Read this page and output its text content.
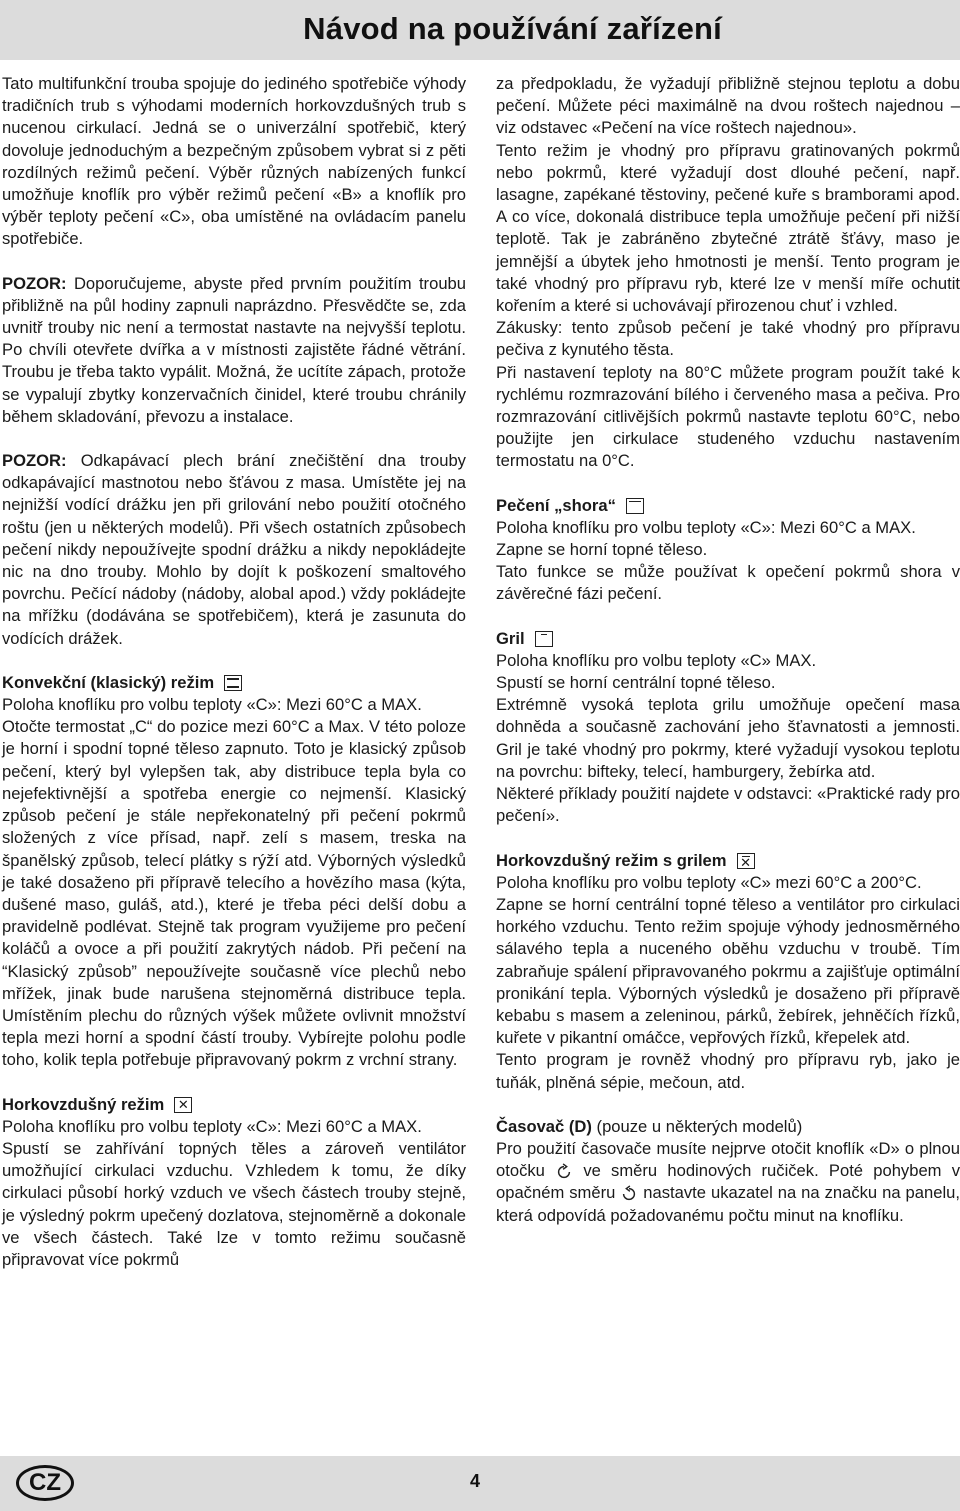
Návod na používání zařízení

Tato multifunkční trouba spojuje do jediného spotřebiče výhody tradičních trub s výhodami moderních horkovzdušných trub s nucenou cirkulací. Jedná se o univerzální spotřebič, který dovoluje jednoduchým a bezpečným způsobem vybrat si z pěti rozdílných režimů pečení. Výběr různých nabízených funkcí umožňuje knoflík pro výběr režimů pečení «B» a knoflík pro výběr teploty pečení «C», oba umístěné na ovládacím panelu spotřebiče.

POZOR: Doporučujeme, abyste před prvním použitím troubu přibližně na půl hodiny zapnuli naprázdno. Přesvědčte se, zda uvnitř trouby nic není a termostat nastavte na nejvyšší teplotu. Po chvíli otevřete dvířka a v místnosti zajistěte řádné větrání. Troubu je třeba takto vypálit. Možná, že ucítíte zápach, protože se vypalují zbytky konzervačních činidel, které troubu chránily během skladování, převozu a instalace.

POZOR: Odkapávací plech brání znečištění dna trouby odkapávající mastnotou nebo šťávou z masa. Umístěte jej na nejnižší vodící drážku jen při grilování nebo použití otočného roštu (jen u některých modelů). Při všech ostatních způsobech pečení nikdy nepoužívejte spodní drážku a nikdy nepokládejte nic na dno trouby. Mohlo by dojít k poškození smaltového povrchu. Pečící nádoby (nádoby, alobal apod.) vždy pokládejte na mřížku (dodávána se spotřebičem), která je zasunuta do vodících drážek.

Konvekční (klasický) režim

Poloha knoflíku pro volbu teploty «C»: Mezi 60°C a MAX.

Otočte termostat „C“ do pozice mezi 60°C a Max. V této poloze je horní i spodní topné těleso zapnuto. Toto je klasický způsob pečení, který byl vylepšen tak, aby distribuce tepla byla co nejefektivnější a spotřeba energie co nejmenší. Klasický způsob pečení je stále nepřekonatelný při pečení pokrmů složených z více přísad, např. zelí s masem, treska na španělský způsob, telecí plátky s rýží atd. Výborných výsledků je také dosaženo při přípravě telecího a hovězího masa (kýta, dušené maso, guláš, atd.), které je třeba péci delší dobu a pravidelně podlévat. Stejně tak program využijeme pro pečení koláčů a ovoce a při použití zakrytých nádob. Při pečení na “Klasický způsob” nepoužívejte současně více plechů nebo mřížek, jinak bude narušena stejnoměrná distribuce tepla. Umístěním plechu do různých výšek můžete ovlivnit množství tepla mezi horní a spodní částí trouby. Vybírejte polohu podle toho, kolik tepla potřebuje připravovaný pokrm z vrchní strany.

Horkovzdušný režim ✕

Poloha knoflíku pro volbu teploty «C»: Mezi 60°C a MAX.

Spustí se zahřívání topných těles a zároveň ventilátor umožňující cirkulaci vzduchu. Vzhledem k tomu, že díky cirkulaci působí horký vzduch ve všech částech trouby stejně, je výsledný pokrm upečený dozlatova, stejnoměrně a dokonale ve všech částech. Také lze v tomto režimu současně připravovat více pokrmů

za předpokladu, že vyžadují přibližně stejnou teplotu a dobu pečení. Můžete péci maximálně na dvou roštech najednou – viz odstavec «Pečení na více roštech najednou».

Tento režim je vhodný pro přípravu gratinovaných pokrmů nebo pokrmů, které vyžadují dost dlouhé pečení, např. lasagne, zapékané těstoviny, pečené kuře s bramborami apod. A co více, dokonalá distribuce tepla umožňuje pečení při nižší teplotě. Tak je zabráněno zbytečné ztrátě šťávy, maso je jemnější a úbytek jeho hmotnosti je menší. Tento program je také vhodný pro přípravu ryb, které lze v menší míře ochutit kořením a které si uchovávají přirozenou chuť i vzhled.

Zákusky: tento způsob pečení je také vhodný pro přípravu pečiva z kynutého těsta.

Při nastavení teploty na 80°C můžete program použít také k rychlému rozmrazování bílého i červeného masa a pečiva. Pro rozmrazování citlivějších pokrmů nastavte teplotu 60°C, nebo použijte jen cirkulace studeného vzduchu nastavením termostatu na 0°C.

Pečení „shora“

Poloha knoflíku pro volbu teploty «C»: Mezi 60°C a MAX.

Zapne se horní topné těleso.

Tato funkce se může používat k opečení pokrmů shora v závěrečné fázi pečení.

Gril

Poloha knoflíku pro volbu teploty «C» MAX.

Spustí se horní centrální topné těleso.

Extrémně vysoká teplota grilu umožňuje opečení masa dohněda a současně zachování jeho šťavnatosti a jemnosti. Gril je také vhodný pro pokrmy, které vyžadují vysokou teplotu na povrchu: bifteky, telecí, hamburgery, žebírka atd.

Některé příklady použití najdete v odstavci: «Praktické rady pro pečení».

Horkovzdušný režim s grilem ✕

Poloha knoflíku pro volbu teploty «C» mezi 60°C a 200°C.

Zapne se horní centrální topné těleso a ventilátor pro cirkulaci horkého vzduchu. Tento režim spojuje výhody jednosměrného sálavého tepla a nuceného oběhu vzduchu v troubě. Tím zabraňuje spálení připravovaného pokrmu a zajišťuje optimální pronikání tepla. Výborných výsledků je dosaženo při přípravě kebabu s masem a zeleninou, párků, žebírek, jehněčích řízků, kuřete v pikantní omáčce, vepřových řízků, křepelek atd.

Tento program je rovněž vhodný pro přípravu ryb, jako je tuňák, plněná sépie, mečoun, atd.

Časovač (D) (pouze u některých modelů)

Pro použití časovače musíte nejprve otočit knoflík «D» o plnou otočku ve směru hodinových ručiček. Poté pohybem v opačném směru nastavte ukazatel na na značku na panelu, která odpovídá požadovanému počtu minut na knoflíku.

CZ	4
